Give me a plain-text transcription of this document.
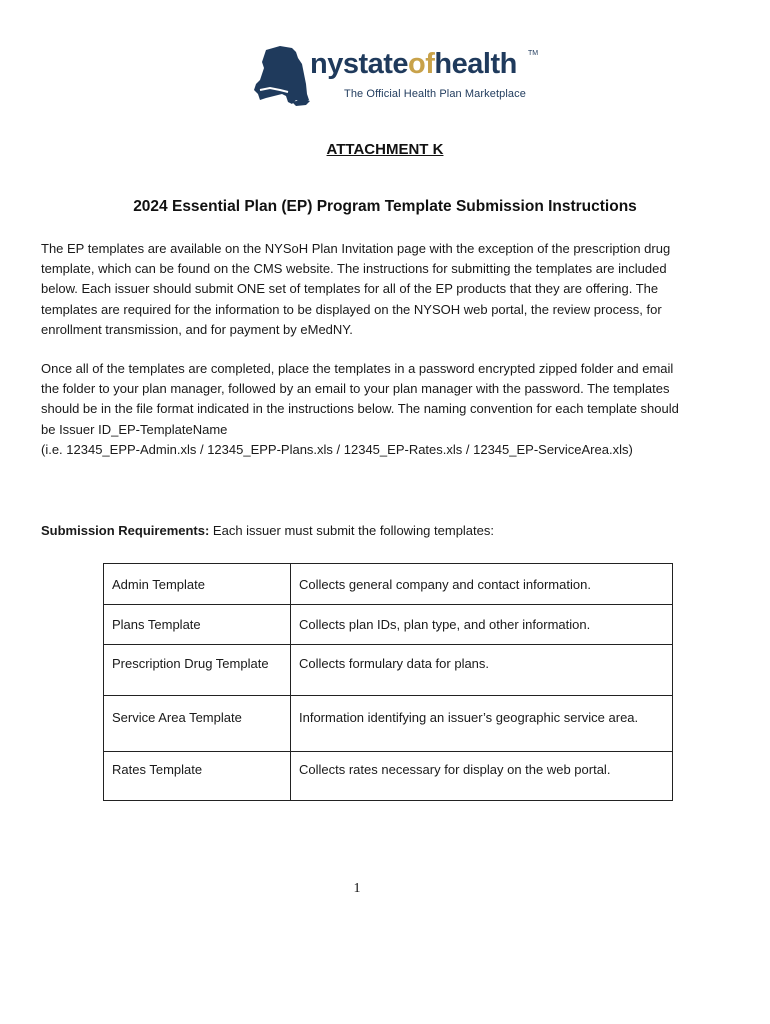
nystateofhealth TM
The Official Health Plan Marketplace
ATTACHMENT K
2024 Essential Plan (EP) Program Template Submission Instructions
The EP templates are available on the NYSoH Plan Invitation page with the exception of the prescription drug
template, which can be found on the CMS website. The instructions for submitting the templates are included
below. Each issuer should submit ONE set of templates for all of the EP products that they are offering. The
templates are required for the information to be displayed on the NYSOH web portal, the review process, for
enrollment transmission, and for payment by eMedNY.
Once all of the templates are completed, place the templates in a password encrypted zipped folder and email
the folder to your plan manager, followed by an email to your plan manager with the password. The templates
should be in the file format indicated in the instructions below. The naming convention for each template should
be Issuer ID_EP-TemplateName
(i.e. 12345_EPP-Admin.xls / 12345_EPP-Plans.xls / 12345_EP-Rates.xls / 12345_EP-ServiceArea.xls)
Submission Requirements: Each issuer must submit the following templates:
Admin Template	Collects general company and contact information.
Plans Template	Collects plan IDs, plan type, and other information.
Prescription Drug Template	Collects formulary data for plans.
Service Area Template	Information identifying an issuer’s geographic service area.
Rates Template	Collects rates necessary for display on the web portal.
1
